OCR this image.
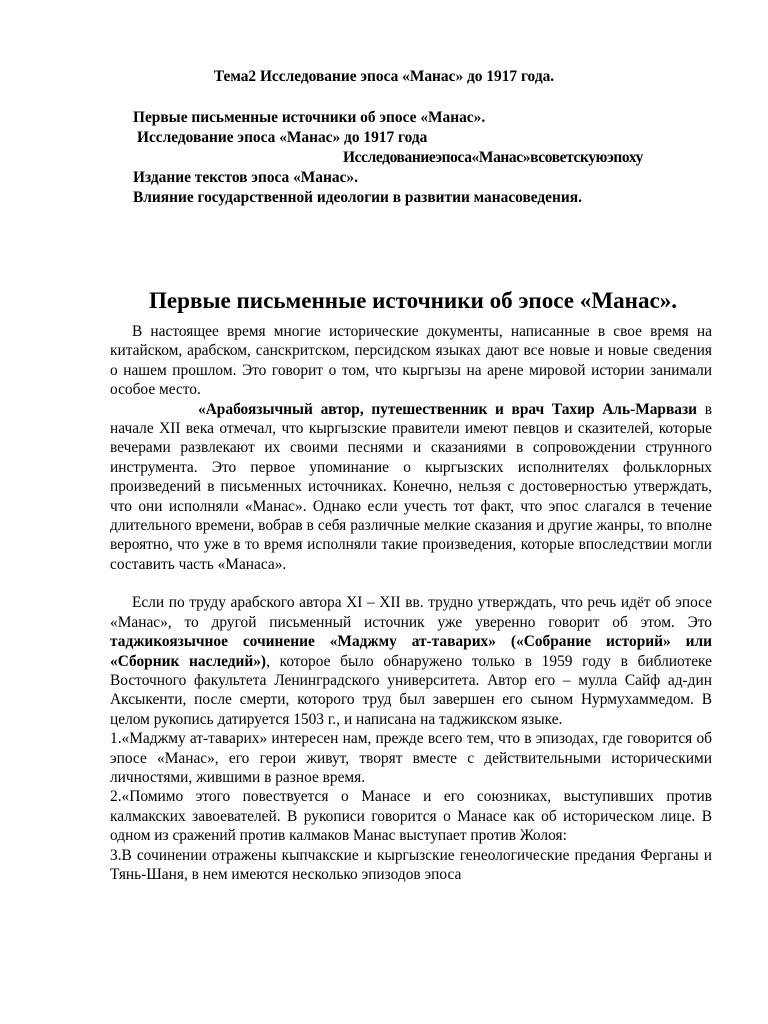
Тема2 Исследование эпоса «Манас» до 1917 года.
Первые письменные источники об эпосе «Манас».
Исследование эпоса «Манас» до 1917 года
Исследованиеэпоса«Манас»всоветскуюэпоху
Издание текстов эпоса «Манас».
Влияние государственной идеологии в развитии манасоведения.
Первые письменные источники об эпосе «Манас».

В настоящее время многие исторические документы, написанные в свое время на китайском, арабском, санскритском, персидском языках дают все новые и новые сведения о нашем прошлом. Это говорит о том, что кыргызы на арене мировой истории занимали особое место.

«Арабоязычный автор, путешественник и врач Тахир Аль-Марвази в начале XII века отмечал, что кыргызские правители имеют певцов и сказителей, которые вечерами развлекают их своими песнями и сказаниями в сопровождении струнного инструмента. Это первое упоминание о кыргызских исполнителях фольклорных произведений в письменных источниках. Конечно, нельзя с достоверностью утверждать, что они исполняли «Манас». Однако если учесть тот факт, что эпос слагался в течение длительного времени, вобрав в себя различные мелкие сказания и другие жанры, то вполне вероятно, что уже в то время исполняли такие произведения, которые впоследствии могли составить часть «Манаса».

Если по труду арабского автора XI – XII вв. трудно утверждать, что речь идёт об эпосе «Манас», то другой письменный источник уже уверенно говорит об этом. Это таджикоязычное сочинение «Маджму ат-таварих» («Собрание историй» или «Сборник наследий»), которое было обнаружено только в 1959 году в библиотеке Восточного факультета Ленинградского университета. Автор его – мулла Сайф ад-дин Аксыкенти, после смерти, которого труд был завершен его сыном Нурмухаммедом. В целом рукопись датируется 1503 г., и написана на таджикском языке.

1.«Маджму ат-таварих» интересен нам, прежде всего тем, что в эпизодах, где говорится об эпосе «Манас», его герои живут, творят вместе с действительными историческими личностями, жившими в разное время.

2.«Помимо этого повествуется о Манасе и его союзниках, выступивших против калмакских завоевателей. В рукописи говорится о Манасе как об историческом лице. В одном из сражений против калмаков Манас выступает против Жолоя:

3.В сочинении отражены кыпчакские и кыргызские генеологические предания Ферганы и Тянь-Шаня, в нем имеются несколько эпизодов эпоса
